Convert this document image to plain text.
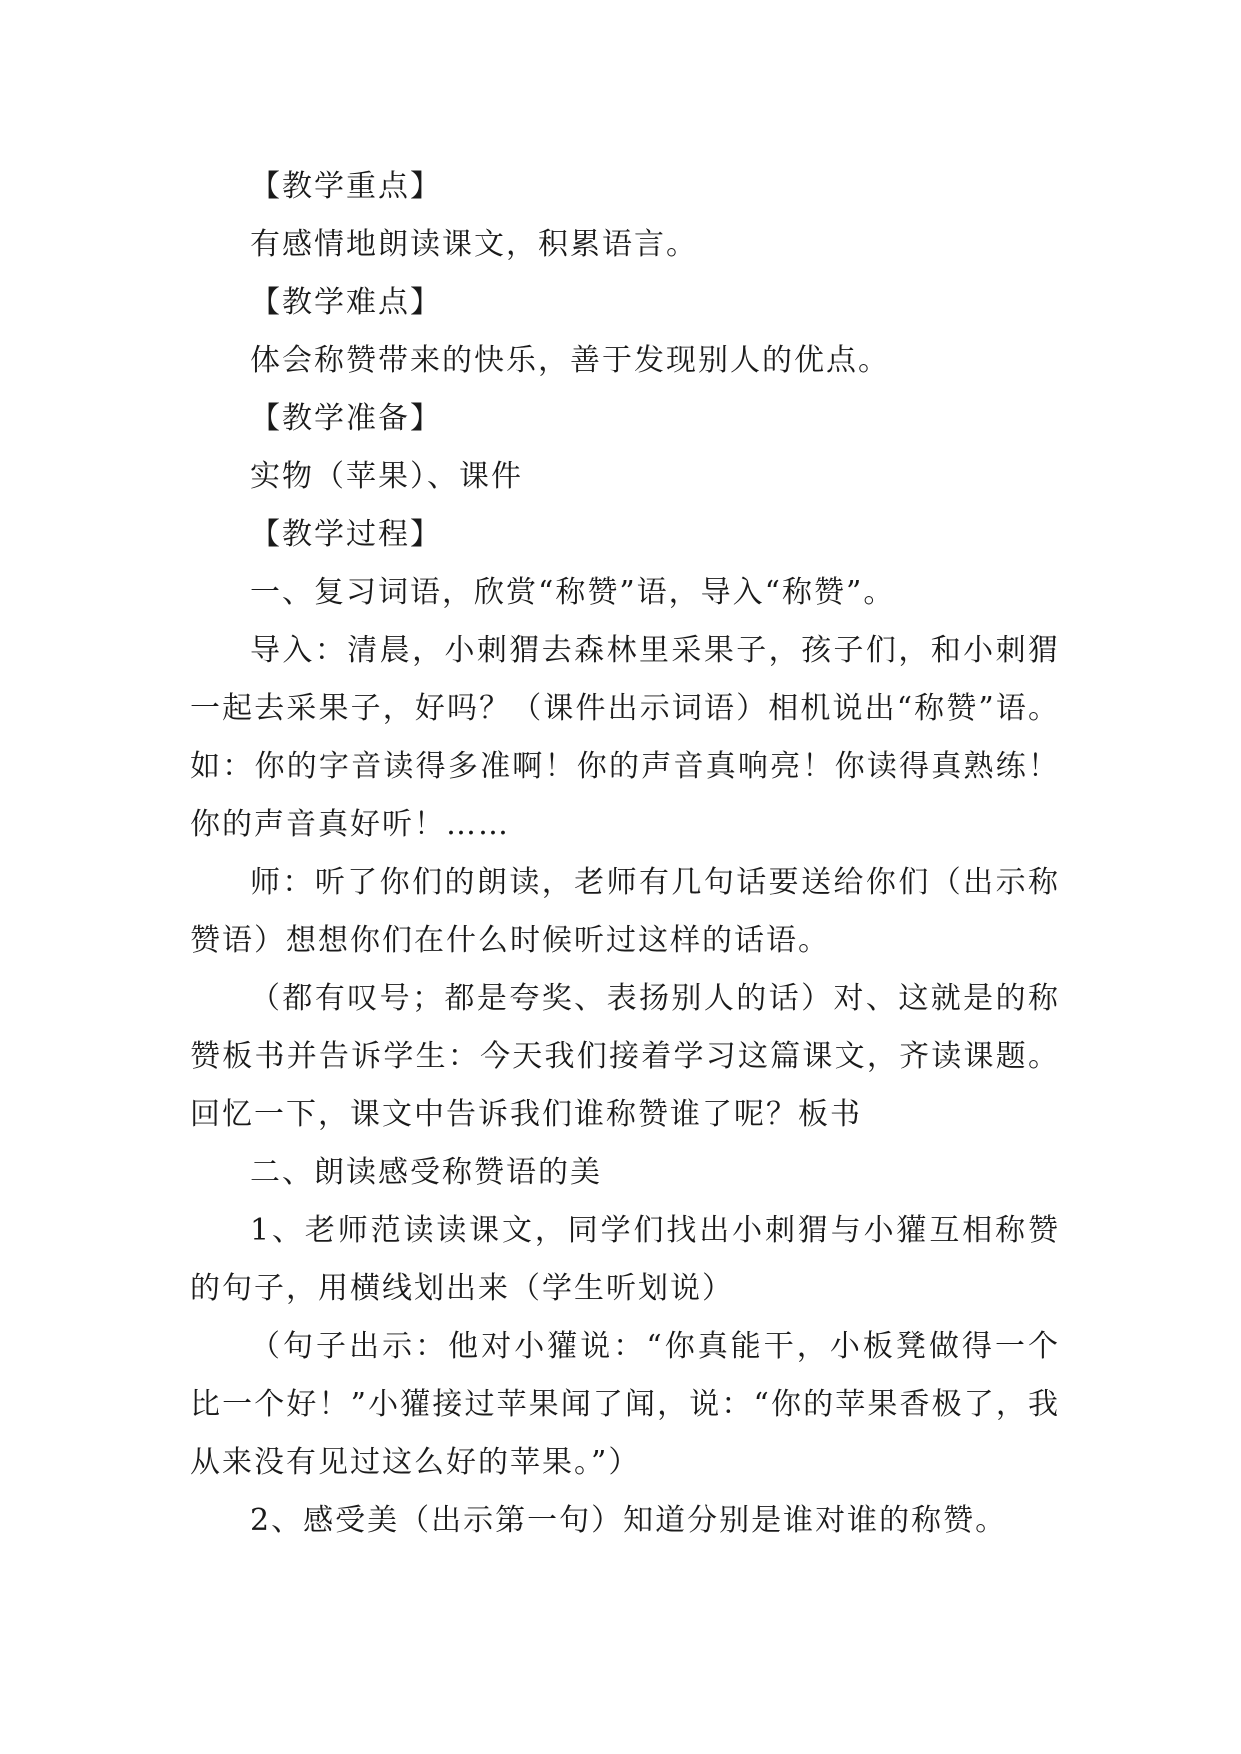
【教学重点】

有感情地朗读课文，积累语言。

【教学难点】

体会称赞带来的快乐，善于发现别人的优点。

【教学准备】

实物（苹果）、课件

【教学过程】

一、复习词语，欣赏“称赞”语，导入“称赞”。

导入：清晨，小刺猬去森林里采果子，孩子们，和小刺猬一起去采果子，好吗？（课件出示词语）相机说出“称赞”语。如：你的字音读得多准啊！你的声音真响亮！你读得真熟练！你的声音真好听！……

师：听了你们的朗读，老师有几句话要送给你们（出示称赞语）想想你们在什么时候听过这样的话语。

（都有叹号；都是夸奖、表扬别人的话）对、这就是的称赞板书并告诉学生：今天我们接着学习这篇课文，齐读课题。回忆一下，课文中告诉我们谁称赞谁了呢？板书

二、朗读感受称赞语的美

1、老师范读读课文，同学们找出小刺猬与小獾互相称赞的句子，用横线划出来（学生听划说）

（句子出示：他对小獾说：“你真能干，小板凳做得一个比一个好！”小獾接过苹果闻了闻，说：“你的苹果香极了，我从来没有见过这么好的苹果。”）

2、感受美（出示第一句）知道分别是谁对谁的称赞。
